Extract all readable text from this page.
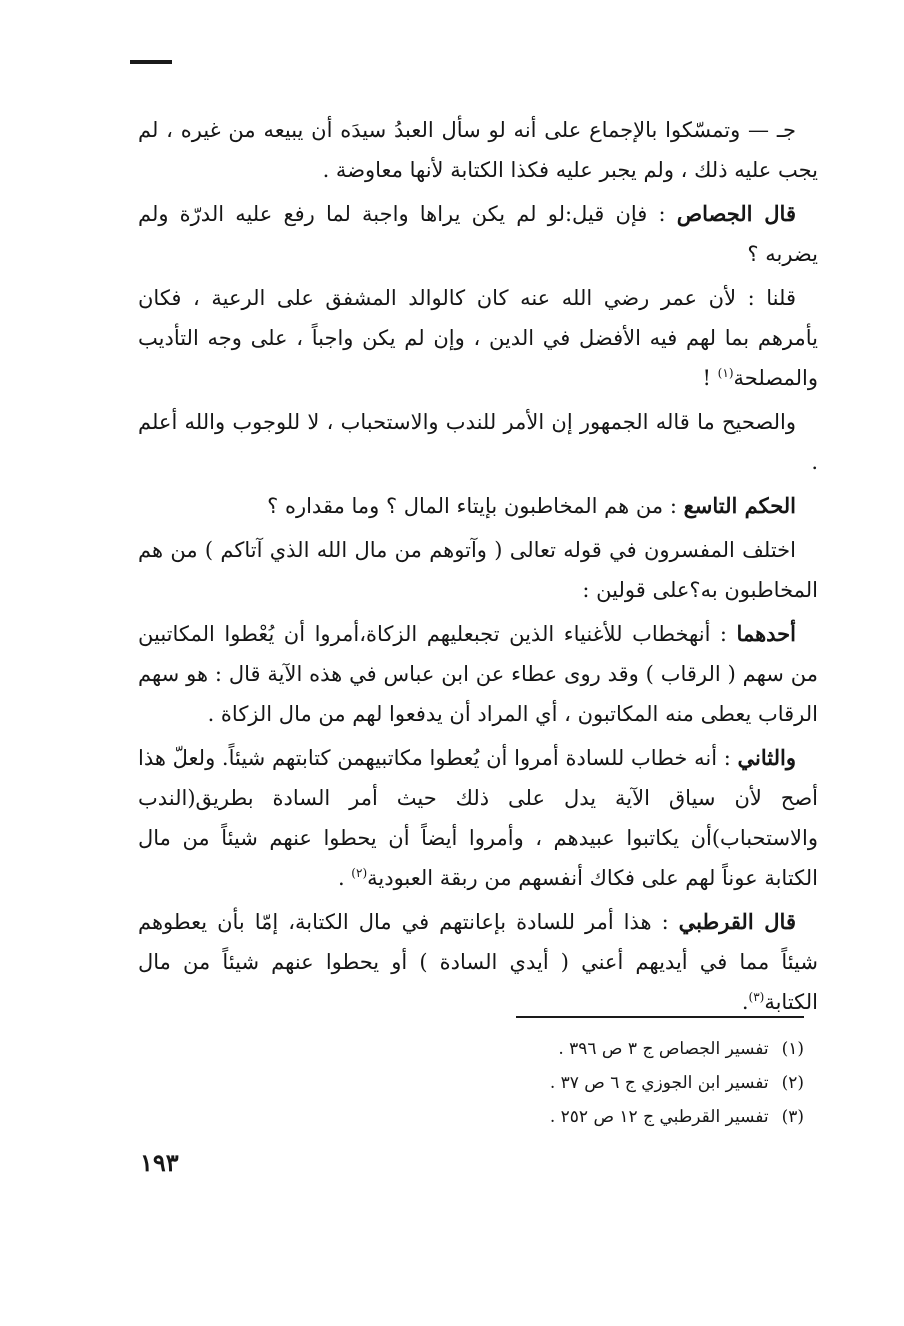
جـ — وتمسّكوا بالإجماع على أنه لو سأل العبدُ سيدَه أن يبيعه من غيره ، لم يجب عليه ذلك ، ولم يجبر عليه فكذا الكتابة لأنها معاوضة .

قال الجصاص : فإن قيل:لو لم يكن يراها واجبة لما رفع عليه الدرّة ولم يضربه ؟

قلنا : لأن عمر رضي الله عنه كان كالوالد المشفق على الرعية ، فكان يأمرهم بما لهم فيه الأفضل في الدين ، وإن لم يكن واجباً ، على وجه التأديب والمصلحة$^{(١)}$ !

والصحيح ما قاله الجمهور إن الأمر للندب والاستحباب ، لا للوجوب والله أعلم .

الحكم التاسع : من هم المخاطبون بإيتاء المال ؟ وما مقداره ؟

اختلف المفسرون في قوله تعالى ( وآتوهم من مال الله الذي آتاكم ) من هم المخاطبون به؟على قولين :

أحدهما : أنهخطاب للأغنياء الذين تجبعليهم الزكاة،أمروا أن يُعْطوا المكاتبين من سهم ( الرقاب ) وقد روى عطاء عن ابن عباس في هذه الآية قال : هو سهم الرقاب يعطى منه المكاتبون ، أي المراد أن يدفعوا لهم من مال الزكاة .

والثاني : أنه خطاب للسادة أمروا أن يُعطوا مكاتبيهمن كتابتهم شيئاً. ولعلّ هذا أصح لأن سياق الآية يدل على ذلك حيث أمر السادة بطريق(الندب والاستحباب)أن يكاتبوا عبيدهم ، وأمروا أيضاً أن يحطوا عنهم شيئاً من مال الكتابة عوناً لهم على فكاك أنفسهم من ربقة العبودية$^{(٢)}$ .

قال القرطبي : هذا أمر للسادة بإعانتهم في مال الكتابة، إمّا بأن يعطوهم شيئاً مما في أيديهم أعني ( أيدي السادة ) أو يحطوا عنهم شيئاً من مال الكتابة$^{(٣)}$.

(١) تفسير الجصاص ج ٣ ص ٣٩٦ .
(٢) تفسير ابن الجوزي ج ٦ ص ٣٧ .
(٣) تفسير القرطبي ج ١٢ ص ٢٥٢ .
١٩٣
